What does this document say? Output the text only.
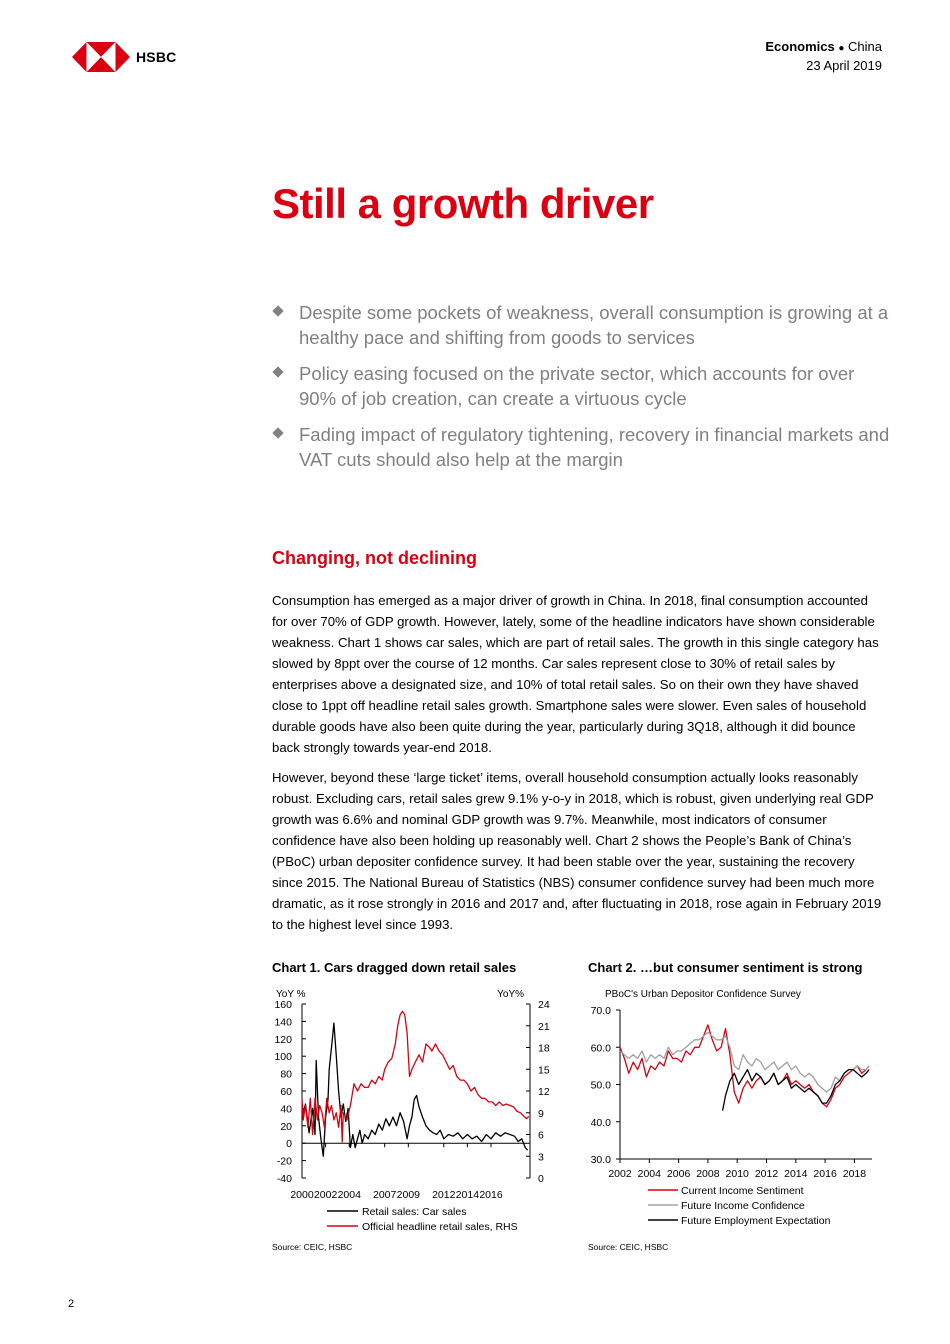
HSBC
Economics ● China
23 April 2019
Still a growth driver
Despite some pockets of weakness, overall consumption is growing at a healthy pace and shifting from goods to services
Policy easing focused on the private sector, which accounts for over 90% of job creation, can create a virtuous cycle
Fading impact of regulatory tightening, recovery in financial markets and VAT cuts should also help at the margin
Changing, not declining

Consumption has emerged as a major driver of growth in China. In 2018, final consumption accounted for over 70% of GDP growth. However, lately, some of the headline indicators have shown considerable weakness. Chart 1 shows car sales, which are part of retail sales. The growth in this single category has slowed by 8ppt over the course of 12 months. Car sales represent close to 30% of retail sales by enterprises above a designated size, and 10% of total retail sales. So on their own they have shaved close to 1ppt off headline retail sales growth. Smartphone sales were slower. Even sales of household durable goods have also been quite during the year, particularly during 3Q18, although it did bounce back strongly towards year-end 2018.

However, beyond these ‘large ticket’ items, overall household consumption actually looks reasonably robust. Excluding cars, retail sales grew 9.1% y-o-y in 2018, which is robust, given underlying real GDP growth was 6.6% and nominal GDP growth was 9.7%. Meanwhile, most indicators of consumer confidence have also been holding up reasonably well. Chart 2 shows the People’s Bank of China’s (PBoC) urban depositer confidence survey. It had been stable over the year, sustaining the recovery since 2015. The National Bureau of Statistics (NBS) consumer confidence survey had been much more dramatic, as it rose strongly in 2016 and 2017 and, after fluctuating in 2018, rose again in February 2019 to the highest level since 1993.

Chart 1. Cars dragged down retail sales
YoY %	YoY%
-40
-20
0
20
40
60
80
100
120
140
160
0
3
6
9
12
15
18
21
24
2000 2002 2004 2007 2009 2012 2014 2016
Retail sales: Car sales
Official headline retail sales, RHS
Source: CEIC, HSBC
Chart 2. …but consumer sentiment is strong
PBoC's Urban Depositor Confidence Survey
30.0
40.0
50.0
60.0
70.0
2002 2004 2006 2008 2010 2012 2014 2016 2018
Current Income Sentiment
Future Income Confidence
Future Employment Expectation
Source: CEIC, HSBC
2
